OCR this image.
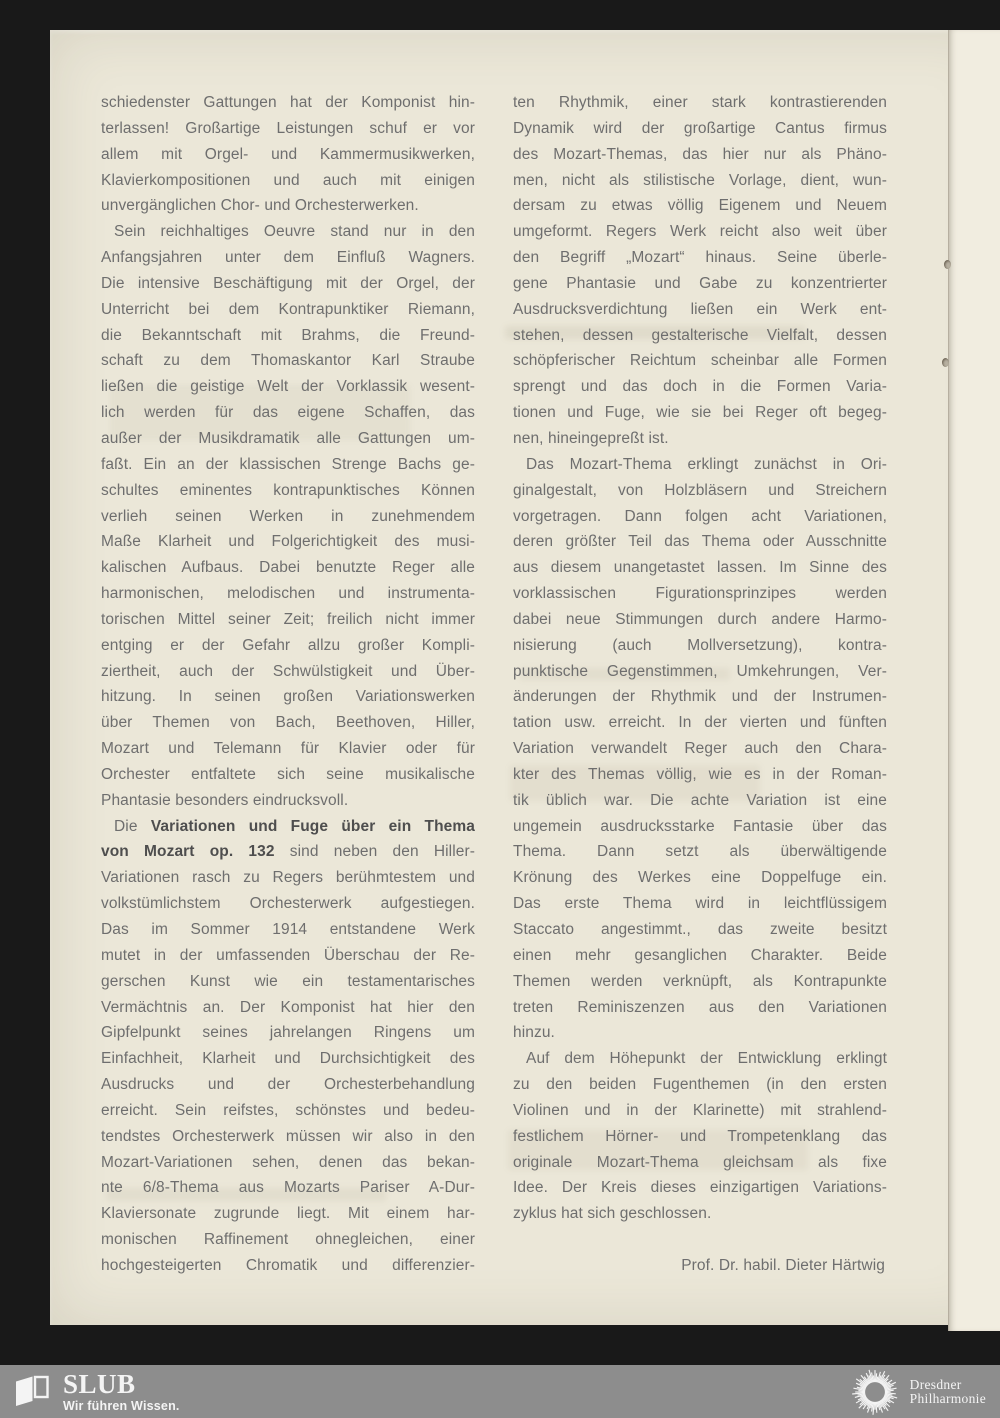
schiedenster Gattungen hat der Komponist hin-
terlassen! Großartige Leistungen schuf er vor
allem mit Orgel- und Kammermusikwerken,
Klavierkompositionen und auch mit einigen
unvergänglichen Chor- und Orchesterwerken.
Sein reichhaltiges Oeuvre stand nur in den
Anfangsjahren unter dem Einfluß Wagners.
Die intensive Beschäftigung mit der Orgel, der
Unterricht bei dem Kontrapunktiker Riemann,
die Bekanntschaft mit Brahms, die Freund-
schaft zu dem Thomaskantor Karl Straube
ließen die geistige Welt der Vorklassik wesent-
lich werden für das eigene Schaffen, das
außer der Musikdramatik alle Gattungen um-
faßt. Ein an der klassischen Strenge Bachs ge-
schultes eminentes kontrapunktisches Können
verlieh seinen Werken in zunehmendem
Maße Klarheit und Folgerichtigkeit des musi-
kalischen Aufbaus. Dabei benutzte Reger alle
harmonischen, melodischen und instrumenta-
torischen Mittel seiner Zeit; freilich nicht immer
entging er der Gefahr allzu großer Kompli-
ziertheit, auch der Schwülstigkeit und Über-
hitzung. In seinen großen Variationswerken
über Themen von Bach, Beethoven, Hiller,
Mozart und Telemann für Klavier oder für
Orchester entfaltete sich seine musikalische
Phantasie besonders eindrucksvoll.
Die Variationen und Fuge über ein Thema
von Mozart op. 132 sind neben den Hiller-
Variationen rasch zu Regers berühmtestem und
volkstümlichstem Orchesterwerk aufgestiegen.
Das im Sommer 1914 entstandene Werk
mutet in der umfassenden Überschau der Re-
gerschen Kunst wie ein testamentarisches
Vermächtnis an. Der Komponist hat hier den
Gipfelpunkt seines jahrelangen Ringens um
Einfachheit, Klarheit und Durchsichtigkeit des
Ausdrucks und der Orchesterbehandlung
erreicht. Sein reifstes, schönstes und bedeu-
tendstes Orchesterwerk müssen wir also in den
Mozart-Variationen sehen, denen das bekan-
nte 6/8-Thema aus Mozarts Pariser A-Dur-
Klaviersonate zugrunde liegt. Mit einem har-
monischen Raffinement ohnegleichen, einer
hochgesteigerten Chromatik und differenzier-
ten Rhythmik, einer stark kontrastierenden
Dynamik wird der großartige Cantus firmus
des Mozart-Themas, das hier nur als Phäno-
men, nicht als stilistische Vorlage, dient, wun-
dersam zu etwas völlig Eigenem und Neuem
umgeformt. Regers Werk reicht also weit über
den Begriff „Mozart“ hinaus. Seine überle-
gene Phantasie und Gabe zu konzentrierter
Ausdrucksverdichtung ließen ein Werk ent-
stehen, dessen gestalterische Vielfalt, dessen
schöpferischer Reichtum scheinbar alle Formen
sprengt und das doch in die Formen Varia-
tionen und Fuge, wie sie bei Reger oft begeg-
nen, hineingepreßt ist.
Das Mozart-Thema erklingt zunächst in Ori-
ginalgestalt, von Holzbläsern und Streichern
vorgetragen. Dann folgen acht Variationen,
deren größter Teil das Thema oder Ausschnitte
aus diesem unangetastet lassen. Im Sinne des
vorklassischen Figurationsprinzipes werden
dabei neue Stimmungen durch andere Harmo-
nisierung (auch Mollversetzung), kontra-
punktische Gegenstimmen, Umkehrungen, Ver-
änderungen der Rhythmik und der Instrumen-
tation usw. erreicht. In der vierten und fünften
Variation verwandelt Reger auch den Chara-
kter des Themas völlig, wie es in der Roman-
tik üblich war. Die achte Variation ist eine
ungemein ausdrucksstarke Fantasie über das
Thema. Dann setzt als überwältigende
Krönung des Werkes eine Doppelfuge ein.
Das erste Thema wird in leichtflüssigem
Staccato angestimmt., das zweite besitzt
einen mehr gesanglichen Charakter. Beide
Themen werden verknüpft, als Kontrapunkte
treten Reminiszenzen aus den Variationen
hinzu.
Auf dem Höhepunkt der Entwicklung erklingt
zu den beiden Fugenthemen (in den ersten
Violinen und in der Klarinette) mit strahlend-
festlichem Hörner- und Trompetenklang das
originale Mozart-Thema gleichsam als fixe
Idee. Der Kreis dieses einzigartigen Variations-
zyklus hat sich geschlossen.
Prof. Dr. habil. Dieter Härtwig
SLUB
Wir führen Wissen.
Dresdner
Philharmonie
